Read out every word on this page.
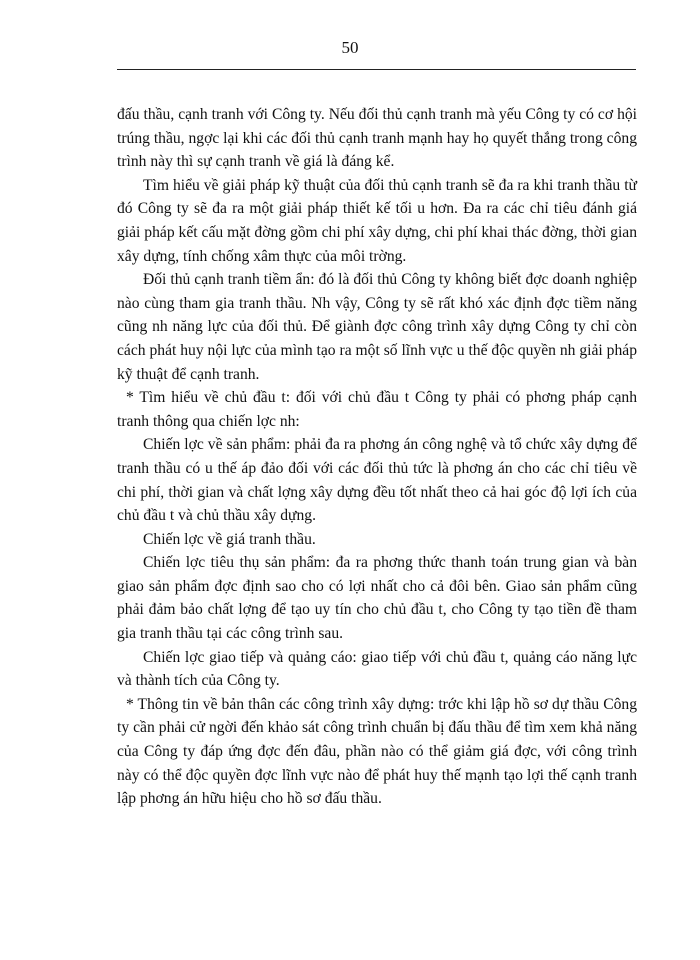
50

đấu thầu, cạnh tranh với Công ty. Nếu đối thủ cạnh tranh mà yếu Công ty có cơ hội trúng thầu, ngợc lại khi các đối thủ cạnh tranh mạnh hay họ quyết thắng trong công trình này thì sự cạnh tranh về giá là đáng kể.

Tìm hiểu về giải pháp kỹ thuật của đối thủ cạnh tranh sẽ đa ra khi tranh thầu từ đó Công ty sẽ đa ra một giải pháp thiết kế tối u hơn. Đa ra các chỉ tiêu đánh giá giải pháp kết cấu mặt đờng gồm chi phí xây dựng, chi phí khai thác đờng, thời gian xây dựng, tính chống xâm thực của môi trờng.

Đối thủ cạnh tranh tiềm ẩn: đó là đối thủ Công ty không biết đợc doanh nghiệp nào cùng tham gia tranh thầu. Nh vậy, Công ty sẽ rất khó xác định đợc tiềm năng cũng nh năng lực của đối thủ. Để giành đợc công trình xây dựng Công ty chỉ còn cách phát huy nội lực của mình tạo ra một số lĩnh vực u thế độc quyền nh giải pháp kỹ thuật để cạnh tranh.

* Tìm hiểu về chủ đầu t: đối với chủ đầu t Công ty phải có phơng pháp cạnh tranh thông qua chiến lợc nh:

Chiến lợc về sản phẩm: phải đa ra phơng án công nghệ và tổ chức xây dựng để tranh thầu có u thế áp đảo đối với các đối thủ tức là phơng án cho các chỉ tiêu về chi phí, thời gian và chất lợng xây dựng đều tốt nhất theo cả hai góc độ lợi ích của chủ đầu t và chủ thầu xây dựng.

Chiến lợc về giá tranh thầu.

Chiến lợc tiêu thụ sản phẩm: đa ra phơng thức thanh toán trung gian và bàn giao sản phẩm đợc định sao cho có lợi nhất cho cả đôi bên. Giao sản phẩm cũng phải đảm bảo chất lợng để tạo uy tín cho chủ đầu t, cho Công ty tạo tiền đề tham gia tranh thầu tại các công trình sau.

Chiến lợc giao tiếp và quảng cáo: giao tiếp với chủ đầu t, quảng cáo năng lực và thành tích của Công ty.

* Thông tin về bản thân các công trình xây dựng: trớc khi lập hồ sơ dự thầu Công ty cần phải cử ngời đến khảo sát công trình chuẩn bị đấu thầu để tìm xem khả năng của Công ty đáp ứng đợc đến đâu, phần nào có thể giảm giá đợc, với công trình này có thể độc quyền đợc lĩnh vực nào để phát huy thế mạnh tạo lợi thế cạnh tranh lập phơng án hữu hiệu cho hồ sơ đấu thầu.
